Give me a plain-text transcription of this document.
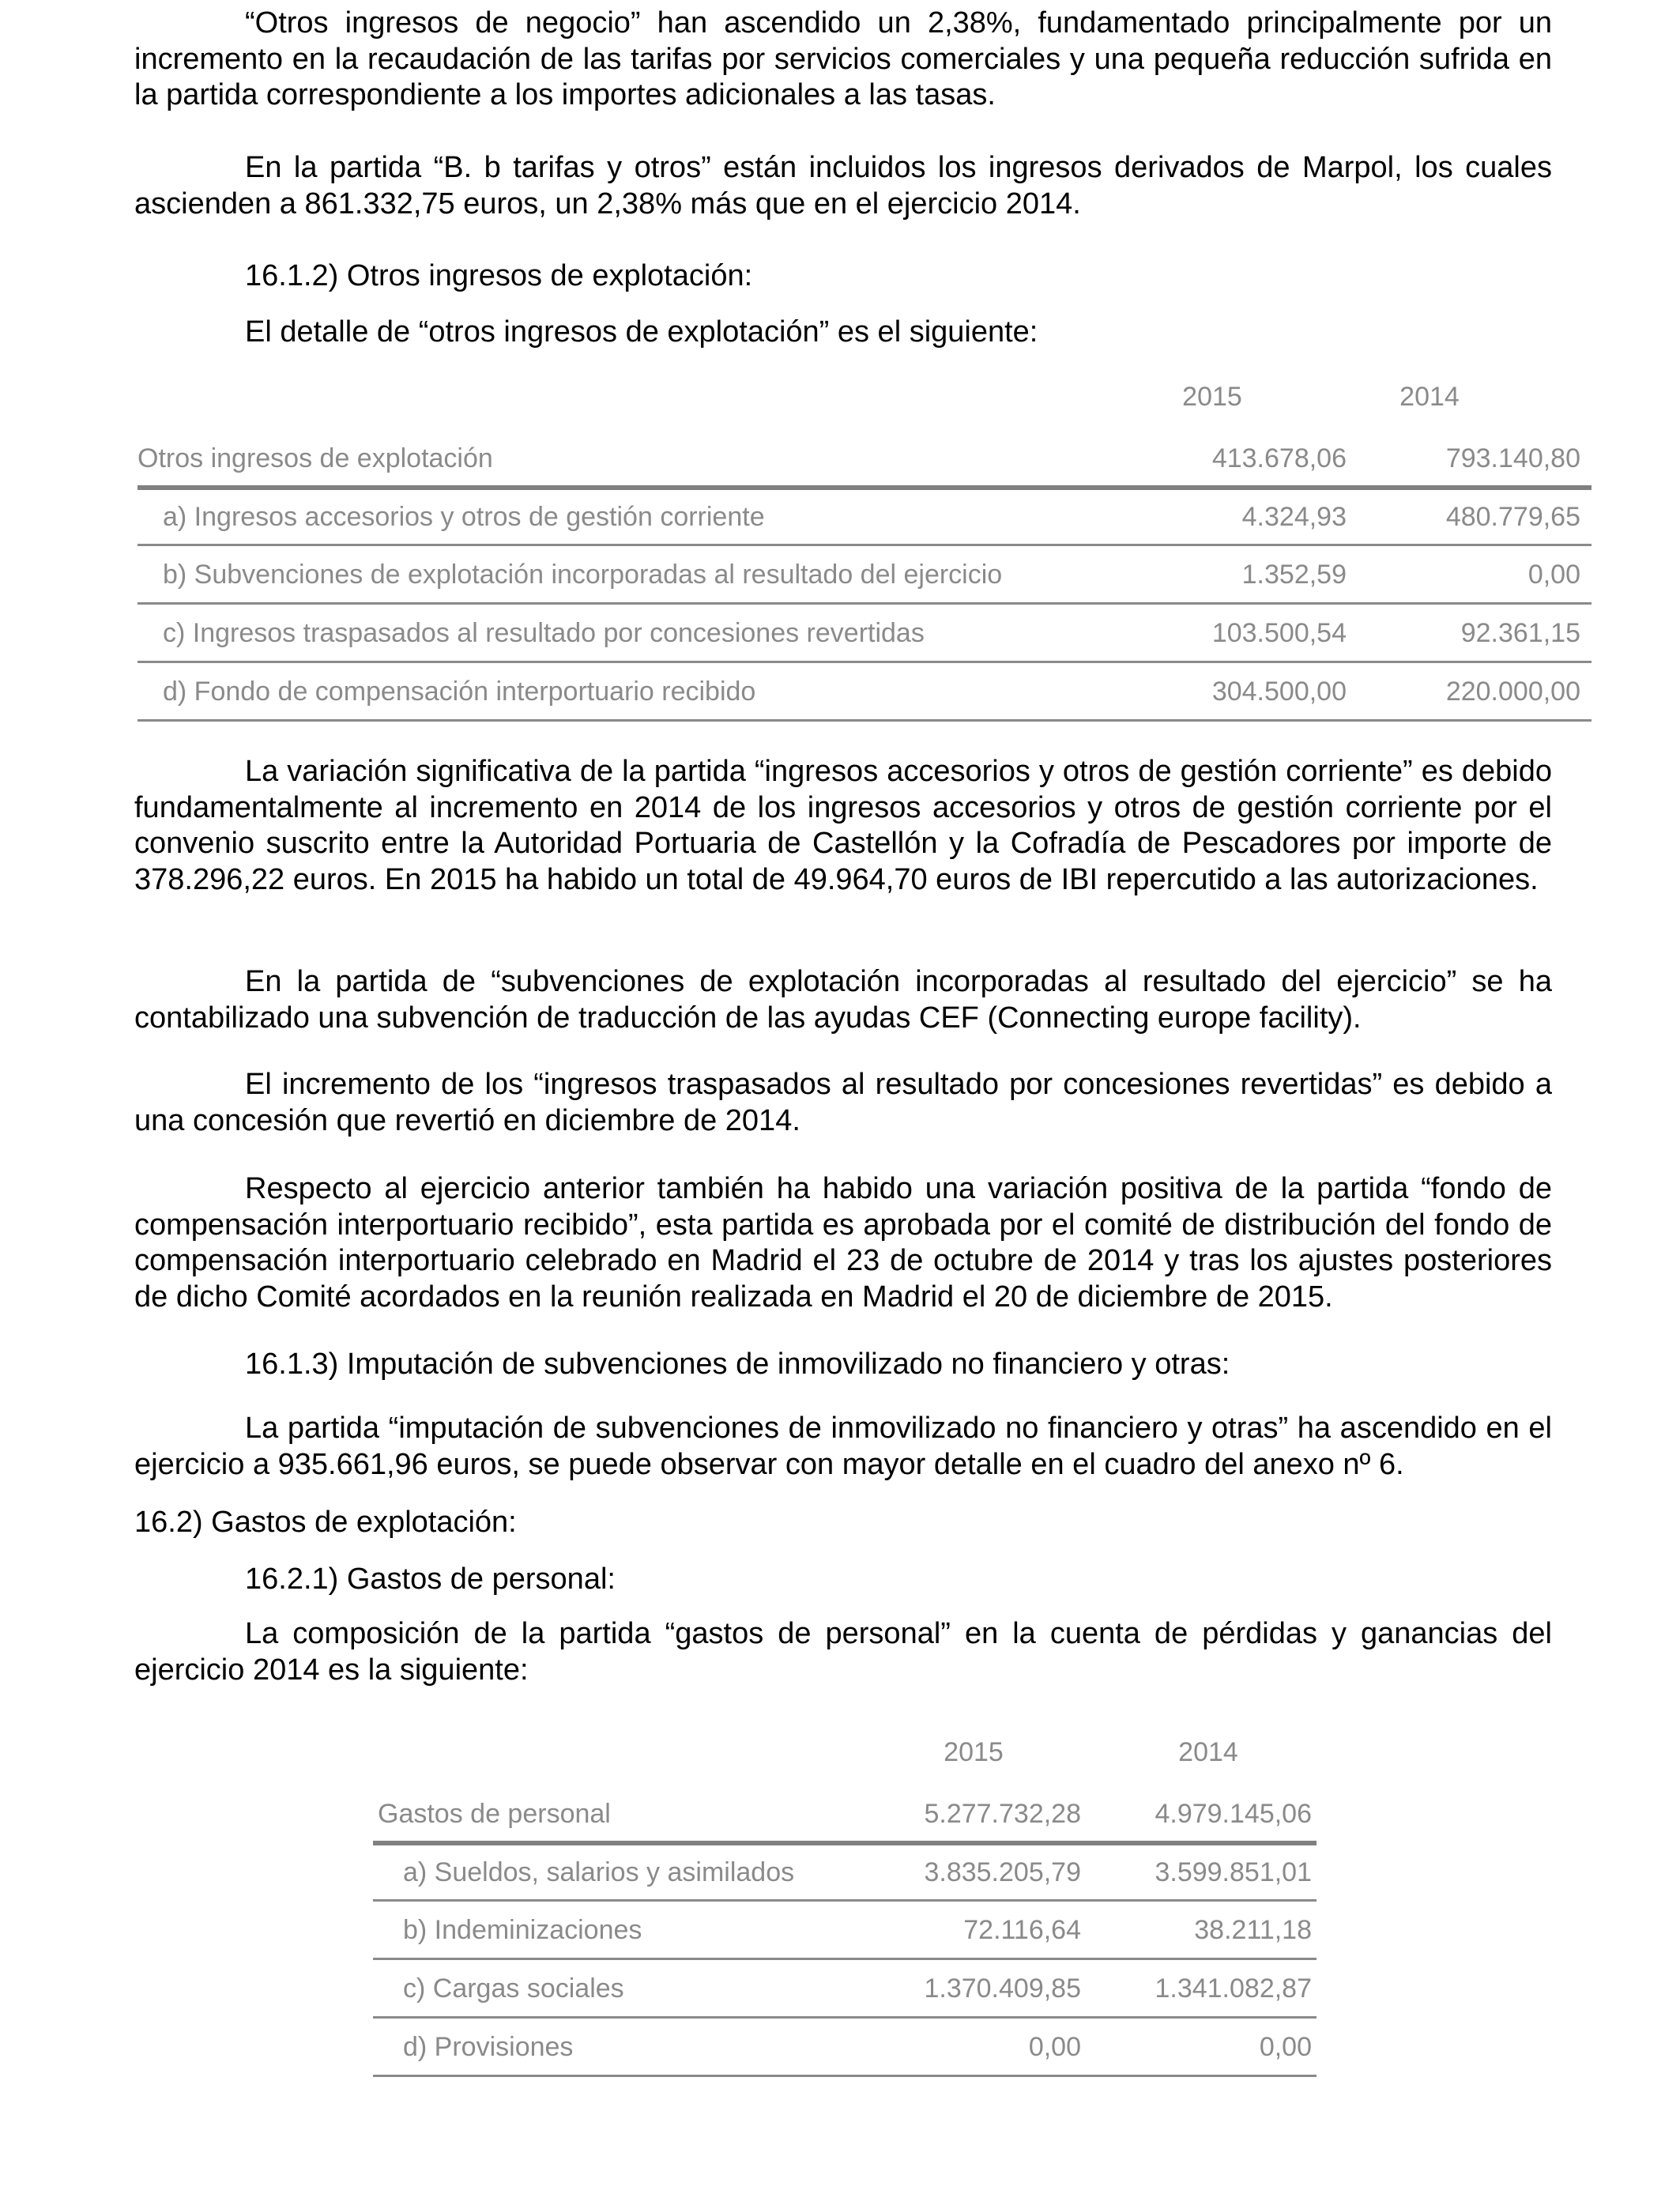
“Otros ingresos de negocio” han ascendido un 2,38%, fundamentado principalmente por un incremento en la recaudación de las tarifas por servicios comerciales y una pequeña reducción sufrida en la partida correspondiente a los importes adicionales a las tasas.

En la partida “B. b tarifas y otros” están incluidos los ingresos derivados de Marpol, los cuales ascienden a 861.332,75 euros, un 2,38% más que en el ejercicio 2014.

16.1.2) Otros ingresos de explotación:

El detalle de “otros ingresos de explotación” es el siguiente:

2015	2014
Otros ingresos de explotación	413.678,06	793.140,80
a) Ingresos accesorios y otros de gestión corriente	4.324,93	480.779,65
b) Subvenciones de explotación incorporadas al resultado del ejercicio	1.352,59	0,00
c) Ingresos traspasados al resultado por concesiones revertidas	103.500,54	92.361,15
d) Fondo de compensación interportuario recibido	304.500,00	220.000,00

La variación significativa de la partida “ingresos accesorios y otros de gestión corriente” es debido fundamentalmente al incremento en 2014 de los ingresos accesorios y otros de gestión corriente por el convenio suscrito entre la Autoridad Portuaria de Castellón y la Cofradía de Pescadores por importe de 378.296,22 euros. En 2015 ha habido un total de 49.964,70 euros de IBI repercutido a las autorizaciones.

En la partida de “subvenciones de explotación incorporadas al resultado del ejercicio” se ha contabilizado una subvención de traducción de las ayudas CEF (Connecting europe facility).

El incremento de los “ingresos traspasados al resultado por concesiones revertidas” es debido a una concesión que revertió en diciembre de 2014.

Respecto al ejercicio anterior también ha habido una variación positiva de la partida “fondo de compensación interportuario recibido”, esta partida es aprobada por el comité de distribución del fondo de compensación interportuario celebrado en Madrid el 23 de octubre de 2014 y tras los ajustes posteriores de dicho Comité acordados en la reunión realizada en Madrid el 20 de diciembre de 2015.

16.1.3) Imputación de subvenciones de inmovilizado no financiero y otras:

La partida “imputación de subvenciones de inmovilizado no financiero y otras” ha ascendido en el ejercicio a 935.661,96 euros, se puede observar con mayor detalle en el cuadro del anexo nº 6.

16.2) Gastos de explotación:

16.2.1) Gastos de personal:

La composición de la partida “gastos de personal” en la cuenta de pérdidas y ganancias del ejercicio 2014 es la siguiente:

2015	2014
Gastos de personal	5.277.732,28	4.979.145,06
a) Sueldos, salarios y asimilados	3.835.205,79	3.599.851,01
b) Indeminizaciones	72.116,64	38.211,18
c) Cargas sociales	1.370.409,85	1.341.082,87
d) Provisiones	0,00	0,00
